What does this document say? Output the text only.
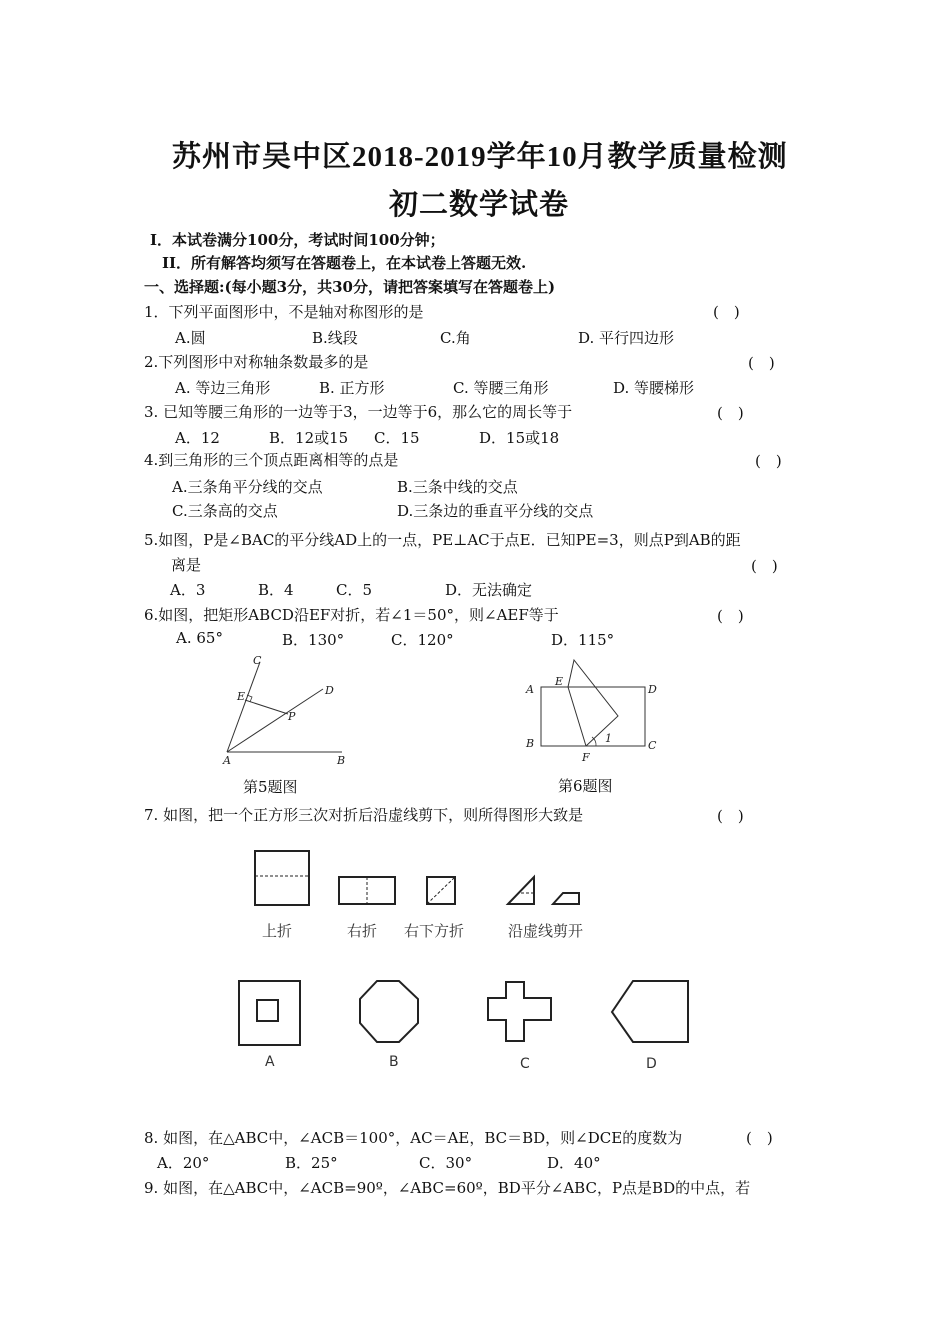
苏州市吴中区2018-2019学年10月教学质量检测
初二数学试卷
I．本试卷满分100分，考试时间100分钟；
II．所有解答均须写在答题卷上，在本试卷上答题无效.
一、选择题:(每小题3分，共30分，请把答案填写在答题卷上)
1．下列平面图形中，不是轴对称图形的是	(　)
A.圆	B.线段	C.角	D. 平行四边形
2.下列图形中对称轴条数最多的是	(　)
A. 等边三角形	B. 正方形	C. 等腰三角形	D. 等腰梯形
3. 已知等腰三角形的一边等于3，一边等于6，那么它的周长等于	(　)
A．12	B．12或15 C．15	D．15或18
4.到三角形的三个顶点距离相等的点是	(　)
A.三条角平分线的交点	B.三条中线的交点
C.三条高的交点	D.三条边的垂直平分线的交点
5.如图，P是∠BAC的平分线AD上的一点，PE⊥AC于点E．已知PE=3，则点P到AB的距
离是	(　)
A．3	B．4	C．5	D．无法确定
6.如图，把矩形ABCD沿EF对折，若∠1＝50°，则∠AEF等于	(　)
A. 65°	B．130°	C．120°	D．115°
C
E	D
P
A	B
第5题图
A
E
D
B	1
C
F
第6题图
7. 如图，把一个正方形三次对折后沿虚线剪下，则所得图形大致是	(　)
上折	右折 右下方折	沿虚线剪开
A	B	C	D
8. 如图，在△ABC中，∠ACB＝100°，AC＝AE，BC＝BD，则∠DCE的度数为	(　)
A．20°	B．25°	C．30°	D．40°
9. 如图，在△ABC中，∠ACB=90º，∠ABC=60º，BD平分∠ABC，P点是BD的中点，若
